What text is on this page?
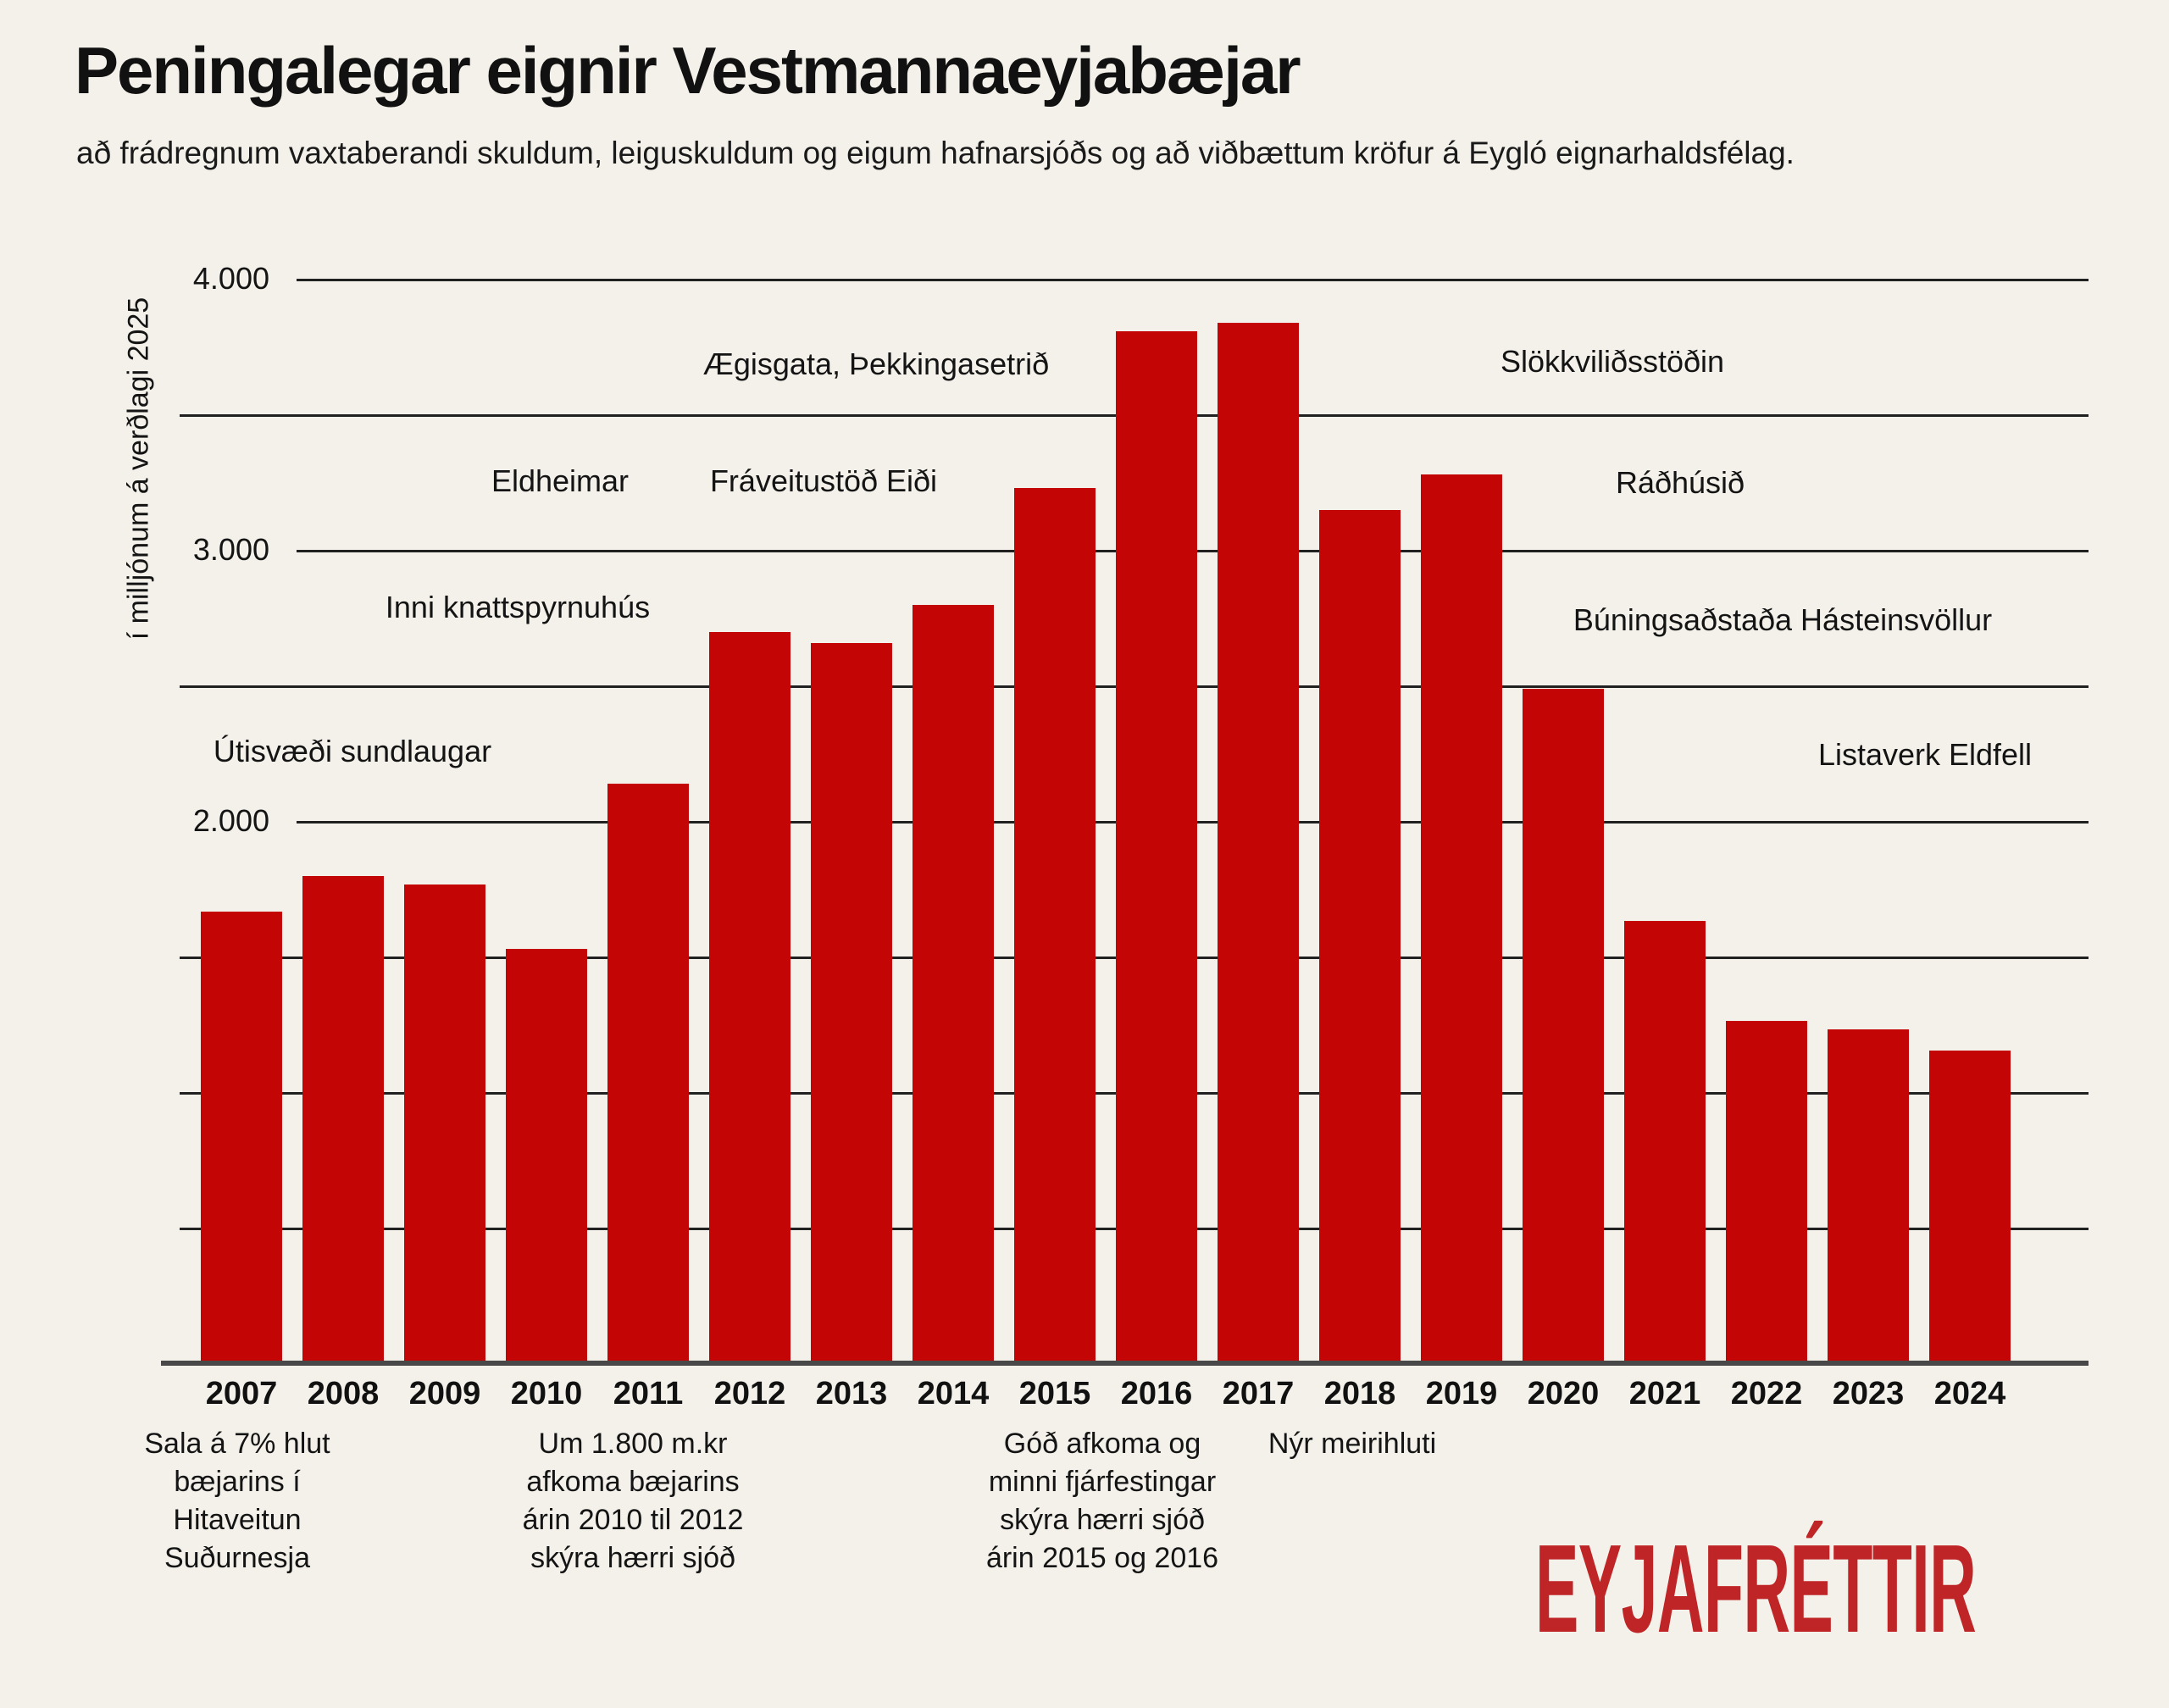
Peningalegar eignir Vestmannaeyjabæjar

að frádregnum vaxtaberandi skuldum, leiguskuldum og eigum hafnarsjóðs og að viðbættum kröfur á Eygló eignarhaldsfélag.

í milljónum á verðlagi 2025
4.000
3.000
2.000
2007 2008 2009 2010 2011 2012 2013 2014 2015 2016 2017 2018 2019 2020 2021 2022 2023 2024
Ægisgata, Þekkingasetrið	Slökkviliðsstöðin
Eldheimar	Fráveitustöð Eiði	Ráðhúsið
Inni knattspyrnuhús	Búningsaðstaða Hásteinsvöllur
Útisvæði sundlaugar	Listaverk Eldfell
EYJAFRÉTTIR
Sala á 7% hlut
bæjarins í
Hitaveitun
Suðurnesja
Um 1.800 m.kr
afkoma bæjarins
árin 2010 til 2012
skýra hærri sjóð
Góð afkoma og
minni fjárfestingar
skýra hærri sjóð
árin 2015 og 2016
Nýr meirihluti
